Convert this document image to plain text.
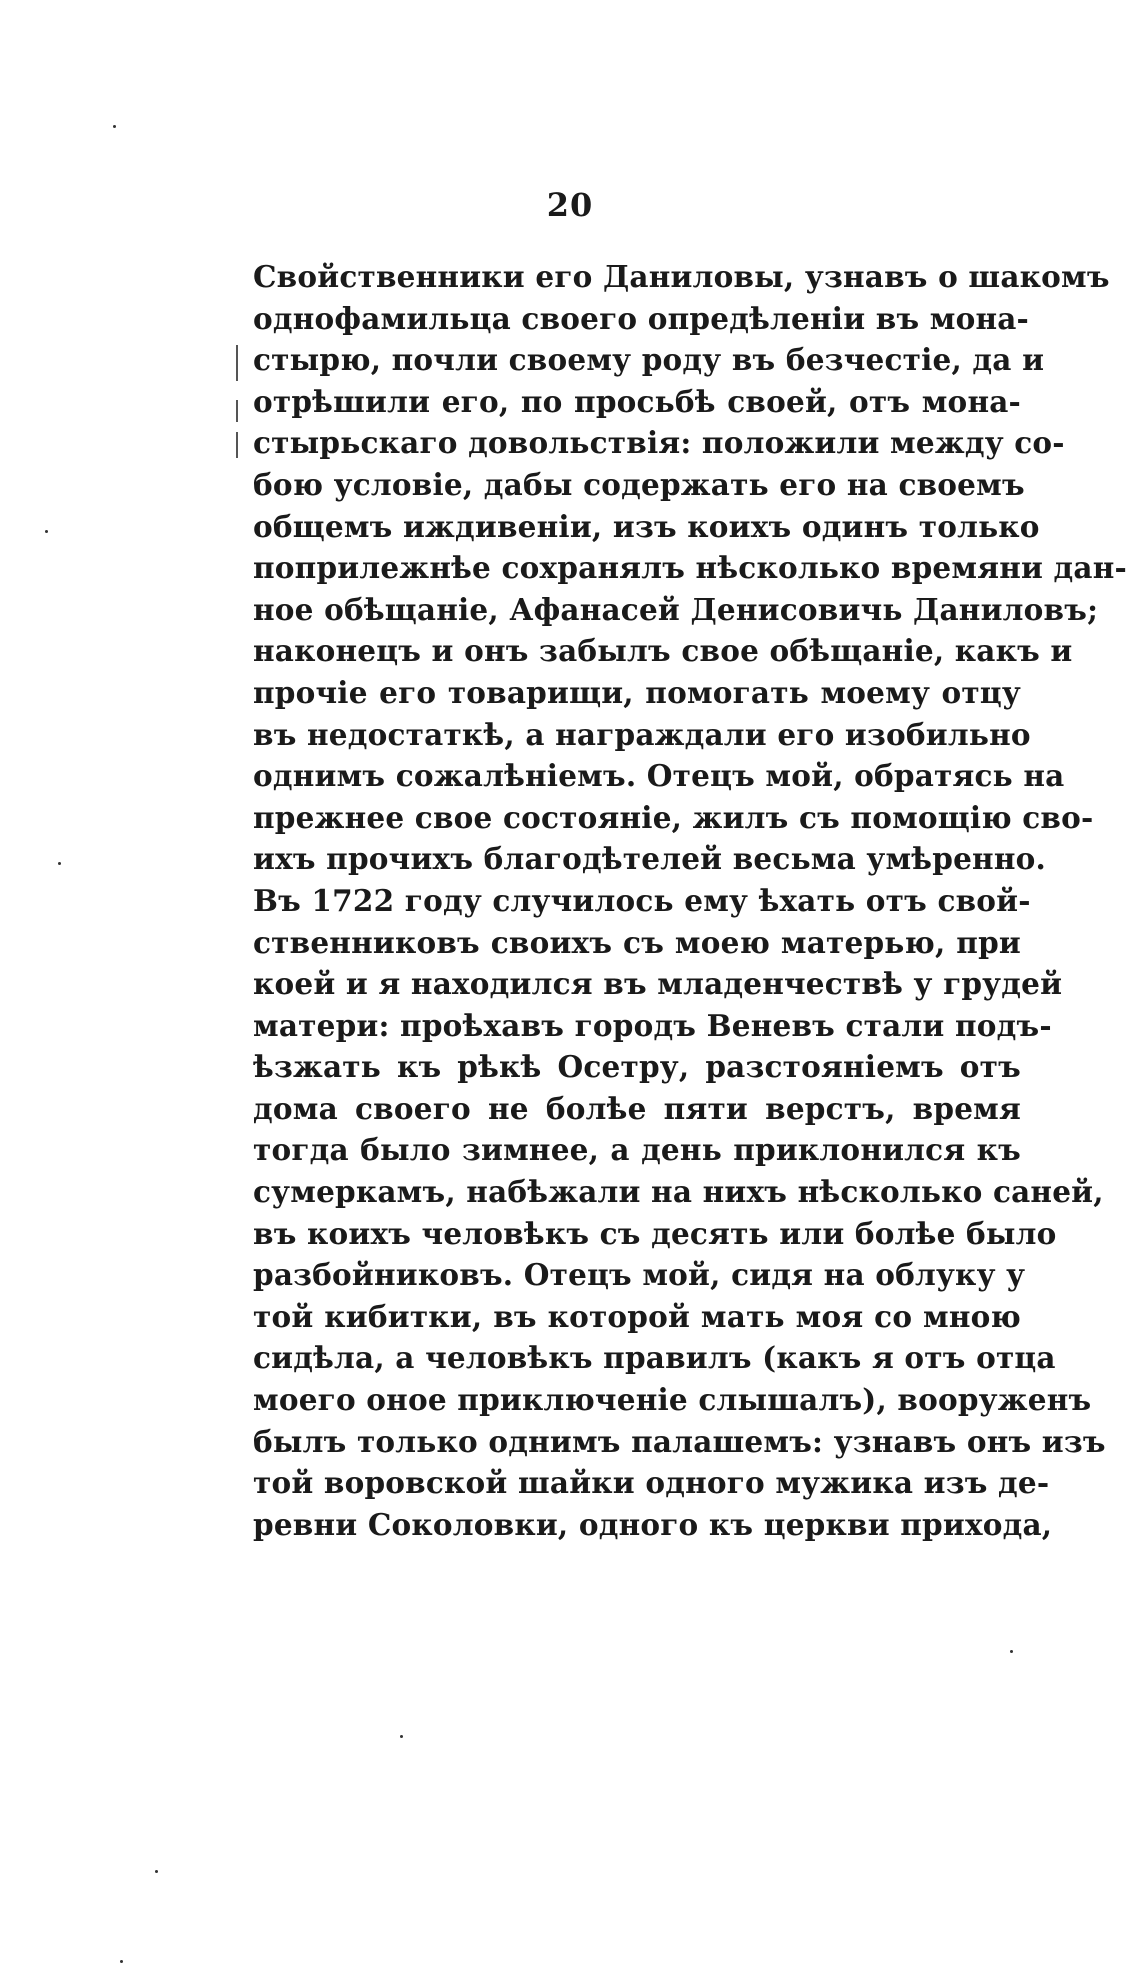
20
Свойственники его Даниловы, узнавъ о шакомъ
однофамильца своего опредѣленіи въ мона-
стырю, почли своему роду въ безчестіе, да и
отрѣшили его, по просьбѣ своей, отъ мона-
стырьскаго довольствія: положили между со-
бою условіе, дабы содержать его на своемъ
общемъ иждивеніи, изъ коихъ одинъ только
поприлежнѣе сохранялъ нѣсколько времяни дан-
ное обѣщаніе, Афанасей Денисовичь Даниловъ;
наконецъ и онъ забылъ свое обѣщаніе, какъ и
прочіе его товарищи, помогать моему отцу
въ недостаткѣ, а награждали его изобильно
однимъ сожалѣніемъ. Отецъ мой, обратясь на
прежнее свое состояніе, жилъ съ помощію сво-
ихъ прочихъ благодѣтелей весьма умѣренно.
Въ 1722 году случилось ему ѣхать отъ свой-
ственниковъ своихъ съ моею матерью, при
коей и я находился въ младенчествѣ у грудей
матери: проѣхавъ городъ Веневъ стали подъ-
ѣзжать къ рѣкѣ Осетру, разстояніемъ отъ
дома своего не болѣе пяти верстъ, время
тогда было зимнее, а день приклонился къ
сумеркамъ, набѣжали на нихъ нѣсколько саней,
въ коихъ человѣкъ съ десять или болѣе было
разбойниковъ. Отецъ мой, сидя на облуку у
той кибитки, въ которой мать моя со мною
сидѣла, а человѣкъ правилъ (какъ я отъ отца
моего оное приключеніе слышалъ), вооруженъ
былъ только однимъ палашемъ: узнавъ онъ изъ
той воровской шайки одного мужика изъ де-
ревни Соколовки, одного къ церкви прихода,
